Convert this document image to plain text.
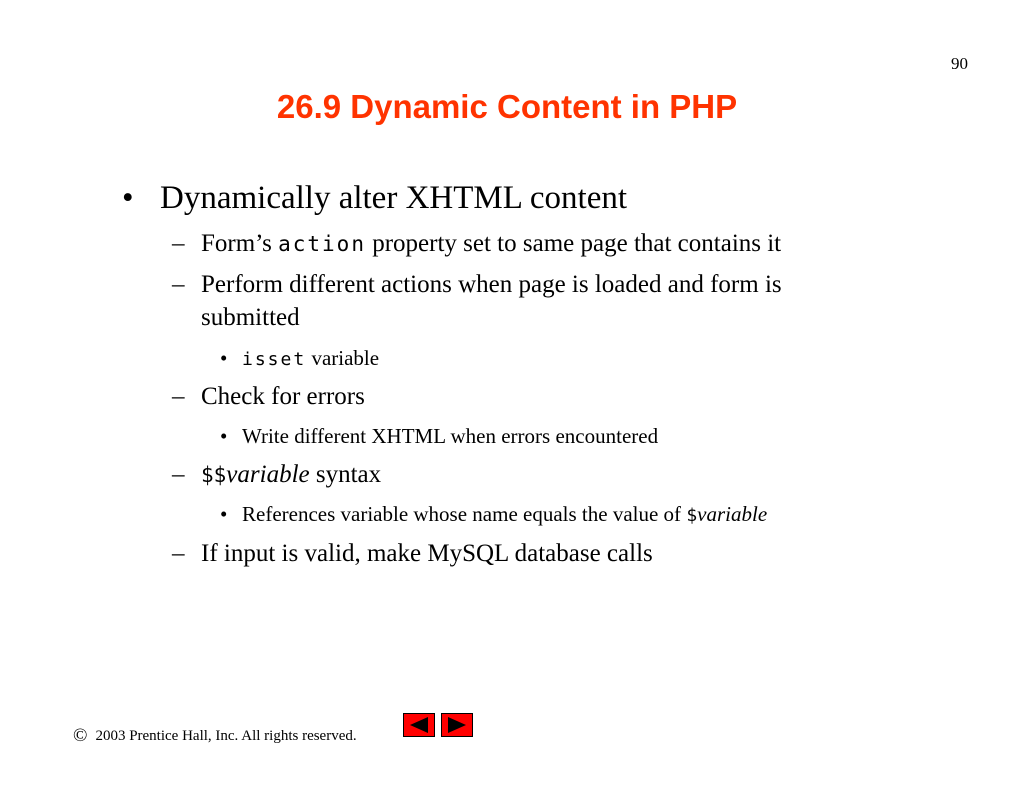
90
26.9 Dynamic Content in PHP
• Dynamically alter XHTML content
– Form’s action property set to same page that contains it
– Perform different actions when page is loaded and form is
submitted
• isset variable
– Check for errors
• Write different XHTML when errors encountered
– $$variable syntax
• References variable whose name equals the value of $variable
– If input is valid, make MySQL database calls
© 2003 Prentice Hall, Inc. All rights reserved.
